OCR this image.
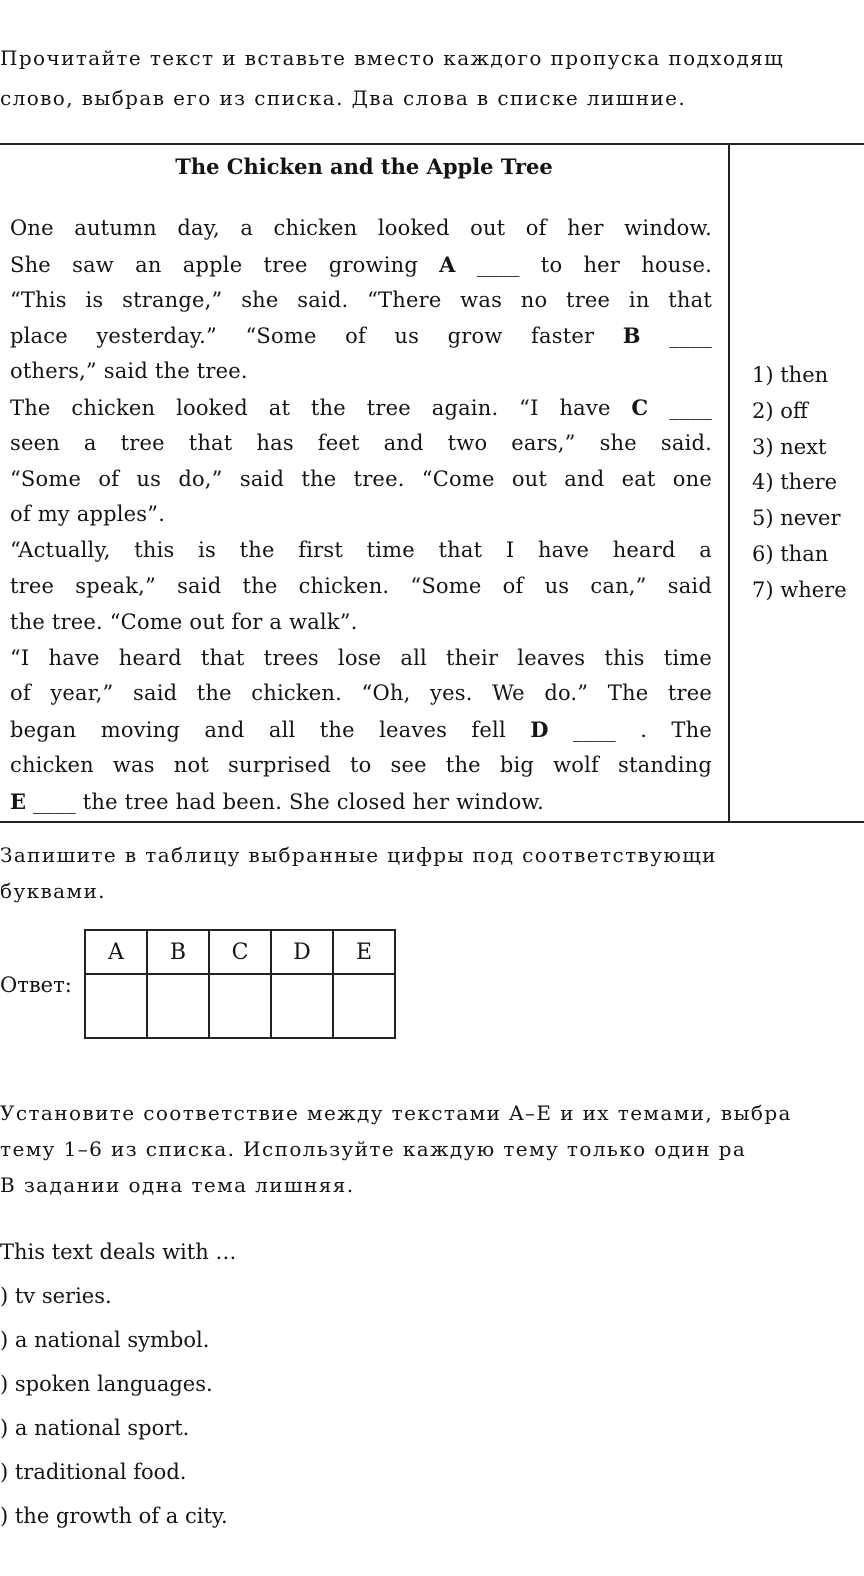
Прочитайте текст и вставьте вместо каждого пропуска подходящ
слово, выбрав его из списка. Два слова в списке лишние.
The Chicken and the Apple Tree
One autumn day, a chicken looked out of her window.
She saw an apple tree growing A ____ to her house.
“This is strange,” she said. “There was no tree in that
place yesterday.” “Some of us grow faster B ____
others,” said the tree.
The chicken looked at the tree again. “I have C ____
seen a tree that has feet and two ears,” she said.
“Some of us do,” said the tree. “Come out and eat one
of my apples”.
“Actually, this is the first time that I have heard a
tree speak,” said the chicken. “Some of us can,” said
the tree. “Come out for a walk”.
“I have heard that trees lose all their leaves this time
of year,” said the chicken. “Oh, yes. We do.” The tree
began moving and all the leaves fell D ____ . The
chicken was not surprised to see the big wolf standing
E ____ the tree had been. She closed her window.
1) then
2) off
3) next
4) there
5) never
6) than
7) where
Запишите в таблицу выбранные цифры под соответствующи
буквами.
Ответ:
A	B	C	D	E

Установите соответствие между текстами A–E и их темами, выбра
тему 1–6 из списка. Используйте каждую тему только один ра
В задании одна тема лишняя.
This text deals with …
) tv series.
) a national symbol.
) spoken languages.
) a national sport.
) traditional food.
) the growth of a city.
